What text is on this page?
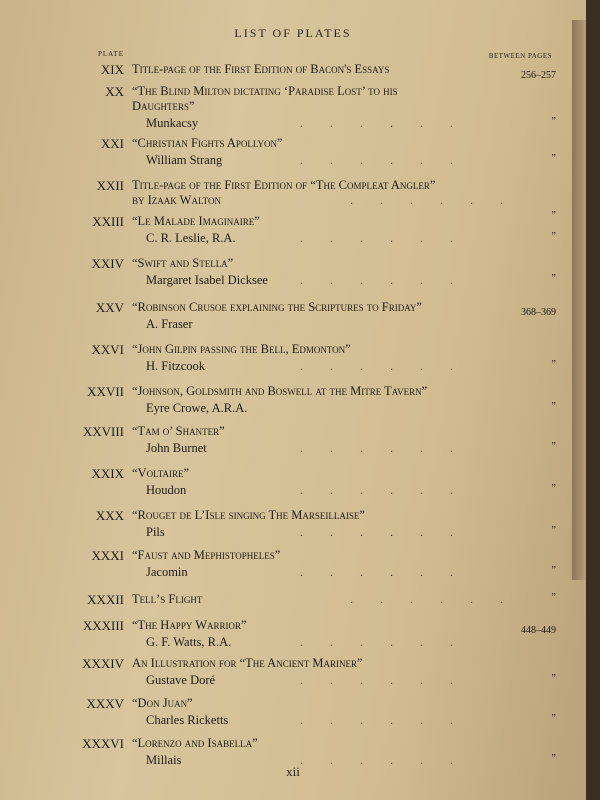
LIST OF PLATES
PLATE	BETWEEN PAGES
XIX Title-page of the First Edition of Bacon's Essays	256–257
XX “The Blind Milton dictating ‘Paradise Lost’ to his
Daughters”
Munkacsy	”
. . . . . .
XXI “Christian Fights Apollyon”
William Strang	”
. . . . . .
XXII Title-page of the First Edition of “The Compleat Angler”
by Izaak Walton
”
. . . . . .
XXIII “Le Malade Imaginaire”
C. R. Leslie, R.A.	”
. . . . . .
XXIV “Swift and Stella”
Margaret Isabel Dicksee	”
. . . . . .
XXV “Robinson Crusoe explaining the Scriptures to Friday”
A. Fraser
368–369
XXVI “John Gilpin passing the Bell, Edmonton”
H. Fitzcook	”
. . . . . .
XXVII “Johnson, Goldsmith and Boswell at the Mitre Tavern”
Eyre Crowe, A.R.A.	”
XXVIII “Tam o’ Shanter”
John Burnet	”
. . . . . .
XXIX “Voltaire”
Houdon	”
. . . . . .
XXX “Rouget de L’Isle singing The Marseillaise”
Pils	”
. . . . . .
XXXI “Faust and Mephistopheles”
Jacomin	”
. . . . . .
XXXII Tell’s Flight	”
. . . . . .
XXXIII “The Happy Warrior”
G. F. Watts, R.A.
448–449
. . . . . .
XXXIV An Illustration for “The Ancient Mariner”
Gustave Doré	”
. . . . . .
XXXV “Don Juan”
Charles Ricketts	”
. . . . . .
XXXVI “Lorenzo and Isabella”
Millais	”
. . . . . .
xii
